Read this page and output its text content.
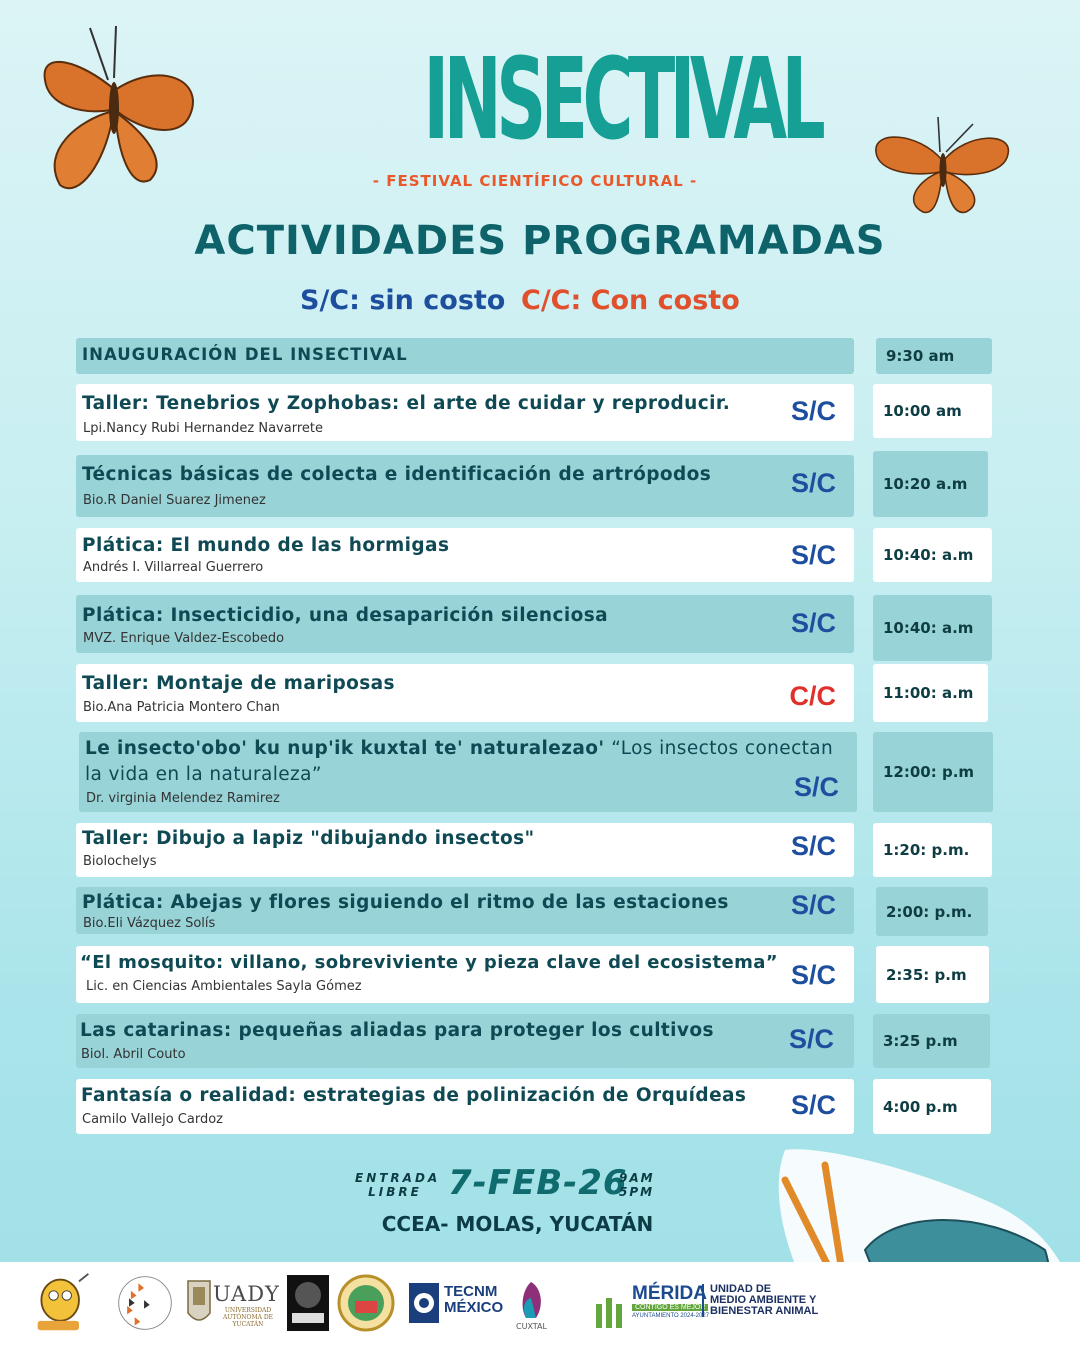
INSECTIVAL
- FESTIVAL CIENTÍFICO CULTURAL -
ACTIVIDADES PROGRAMADAS
S/C: sin costo C/C: Con costo
INAUGURACIÓN DEL INSECTIVAL	9:30 am
Taller: Tenebrios y Zophobas: el arte de cuidar y reproducir.
Lpi.Nancy Rubi Hernandez Navarrete
S/C	10:00 am
Técnicas básicas de colecta e identificación de artrópodos
Bio.R Daniel Suarez Jimenez
S/C	10:20 a.m
Plática: El mundo de las hormigas
Andrés I. Villarreal Guerrero	S/C	10:40: a.m
Plática: Insecticidio, una desaparición silenciosa
MVZ. Enrique Valdez-Escobedo
S/C	10:40: a.m
Taller: Montaje de mariposas
Bio.Ana Patricia Montero Chan	C/C	11:00: a.m
Le insecto'obo' ku nup'ik kuxtal te' naturalezao' “Los insectos conectan
la vida en la naturaleza”
Dr. virginia Melendez Ramirez	S/C	12:00: p.m
Taller: Dibujo a lapiz "dibujando insectos"
Biolochelys
S/C	1:20: p.m.
Plática: Abejas y flores siguiendo el ritmo de las estaciones
Bio.Eli Vázquez Solís
S/C	2:00: p.m.
“El mosquito: villano, sobreviviente y pieza clave del ecosistema”
Lic. en Ciencias Ambientales Sayla Gómez	S/C	2:35: p.m
Las catarinas: pequeñas aliadas para proteger los cultivos
Biol. Abril Couto
S/C	3:25 p.m
Fantasía o realidad: estrategias de polinización de Orquídeas
Camilo Vallejo Cardoz	S/C	4:00 p.m
ENTRADA
LIBRE 7-FEB-26
9AM
5PM
CCEA- MOLAS, YUCATÁN
UADY
UNIVERSIDAD AUTÓNOMA DE YUCATÁN
TECNM
MÉXICO
CUXTAL
MÉRIDA
CONTIGO ES MEJOR
AYUNTAMIENTO 2024-2027
UNIDAD DE
MEDIO AMBIENTE Y
BIENESTAR ANIMAL
